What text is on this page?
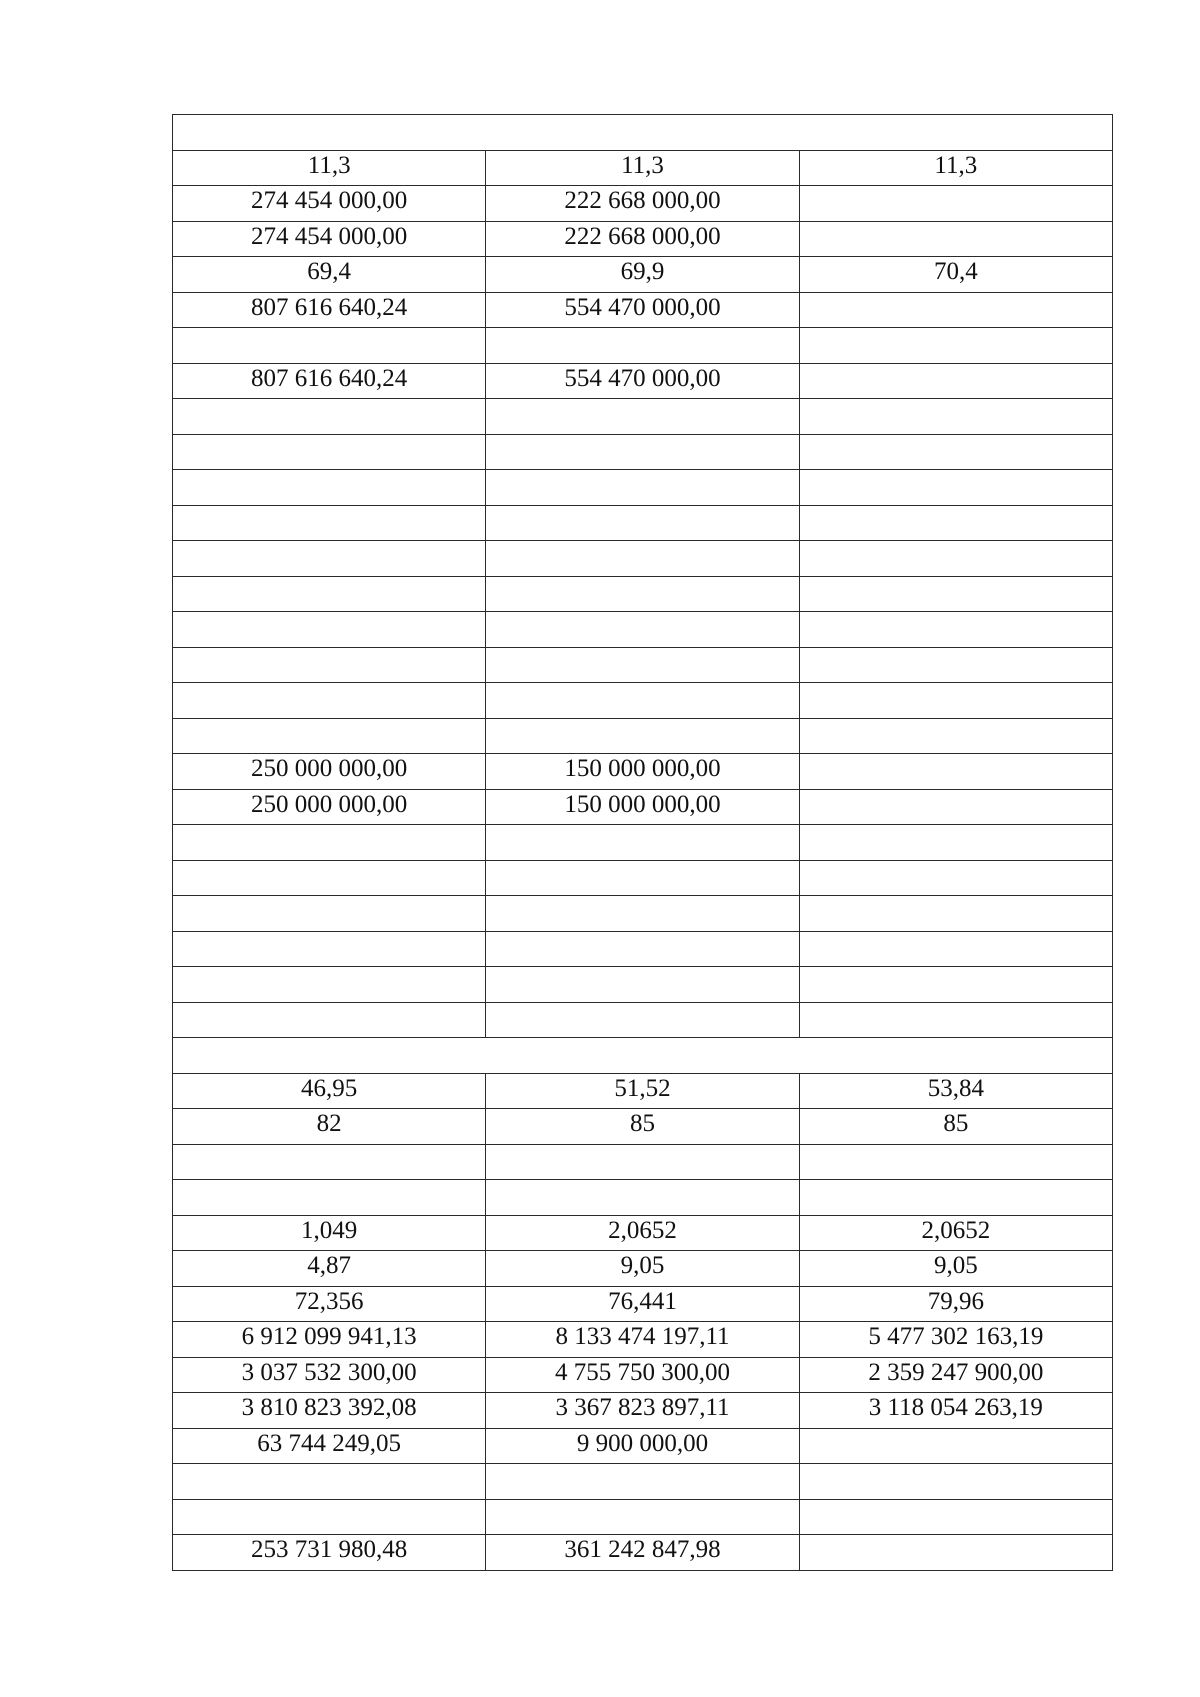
11,3	11,3	11,3
274 454 000,00	222 668 000,00	
274 454 000,00	222 668 000,00	
69,4	69,9	70,4
807 616 640,24	554 470 000,00	

807 616 640,24	554 470 000,00	

250 000 000,00	150 000 000,00	
250 000 000,00	150 000 000,00	

46,95	51,52	53,84
82	85	85

1,049	2,0652	2,0652
4,87	9,05	9,05
72,356	76,441	79,96
6 912 099 941,13	8 133 474 197,11	5 477 302 163,19
3 037 532 300,00	4 755 750 300,00	2 359 247 900,00
3 810 823 392,08	3 367 823 897,11	3 118 054 263,19
63 744 249,05	9 900 000,00	

253 731 980,48	361 242 847,98	
